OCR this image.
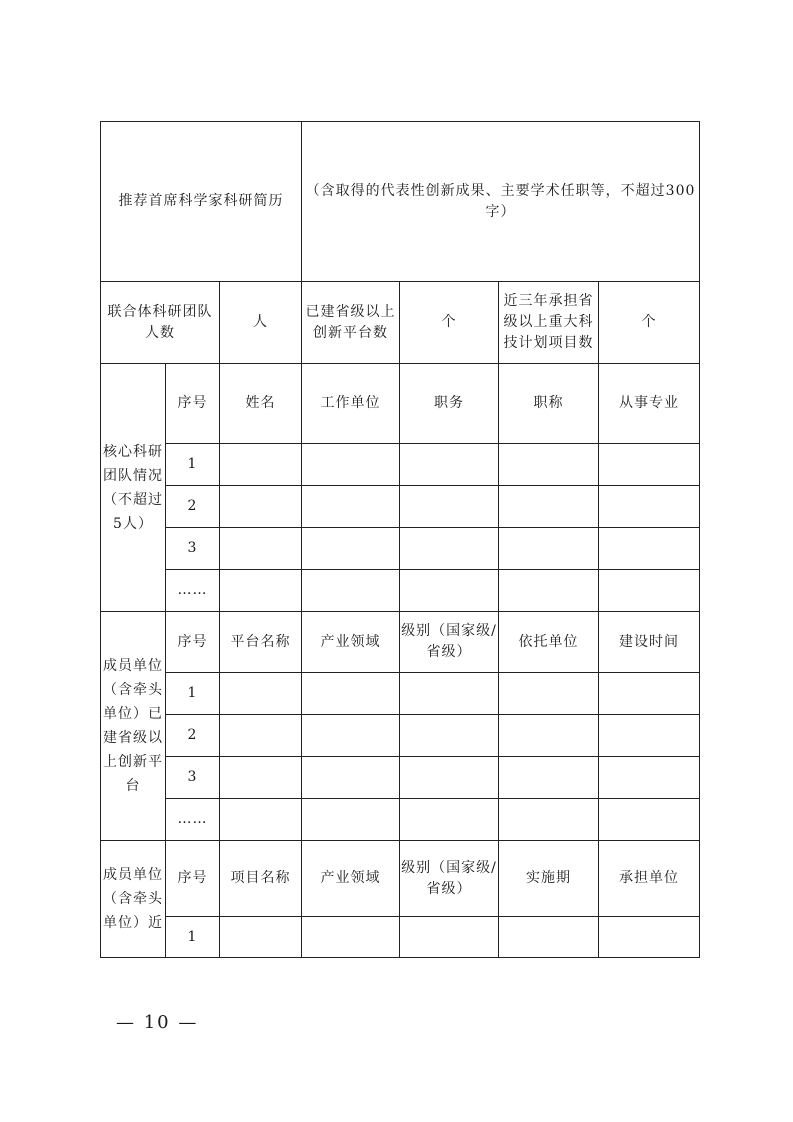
推荐首席科学家科研简历			（含取得的代表性创新成果、主要学术任职等，不超过300字）			
联合体科研团队人数		人	已建省级以上创新平台数	个	近三年承担省级以上重大科技计划项目数	个
核心科研团队情况（不超过5人）	序号	姓名	工作单位	职务	职称	从事专业
	1					
	2					
	3					
	……					
成员单位（含牵头单位）已建省级以上创新平台	序号	平台名称	产业领域	级别（国家级/省级）	依托单位	建设时间
	1					
	2					
	3					
	……					
成员单位（含牵头单位）近	序号	项目名称	产业领域	级别（国家级/省级）	实施期	承担单位
	1					
— 10 —
